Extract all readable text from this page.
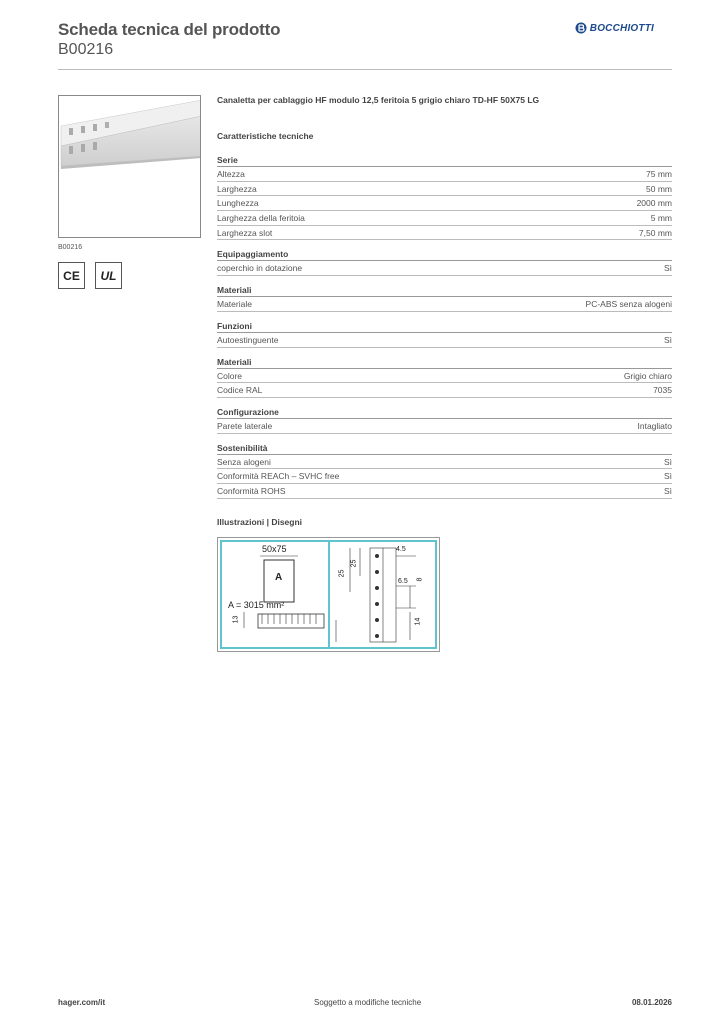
Scheda tecnica del prodotto
B00216
BOCCHIOTTI
B00216
CE	UL
Canaletta per cablaggio HF modulo 12,5 feritoia 5 grigio chiaro TD-HF 50X75 LG
Caratteristiche tecniche
Serie
Altezza	75 mm
Larghezza	50 mm
Lunghezza	2000 mm
Larghezza della feritoia	5 mm
Larghezza slot	7,50 mm
Equipaggiamento
coperchio in dotazione	Sì
Materiali
Materiale	PC-ABS senza alogeni
Funzioni
Autoestinguente	Sì
Materiali
Colore	Grigio chiaro
Codice RAL	7035
Configurazione
Parete laterale	Intagliato
Sostenibilità
Senza alogeni	Sì
Conformità REACh – SVHC free	Sì
Conformità ROHS	Sì
Illustrazioni | Disegni
50x75
A
A = 3015 mm²
13
4.5
25
25
8
6.5
14
hager.com/it	Soggetto a modifiche tecniche	08.01.2026
